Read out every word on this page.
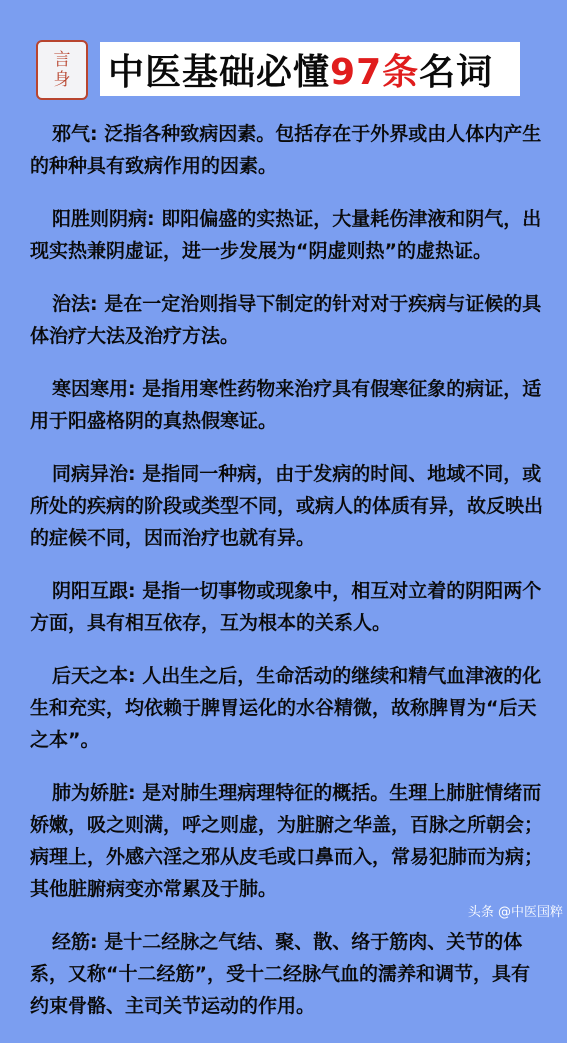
言
身 中医基础必懂97条名词
邪气: 泛指各种致病因素。包括存在于外界或由人体内产生的种种具有致病作用的因素。
阳胜则阴病: 即阳偏盛的实热证，大量耗伤津液和阴气，出现实热兼阴虚证，进一步发展为“阴虚则热”的虚热证。
治法: 是在一定治则指导下制定的针对对于疾病与证候的具体治疗大法及治疗方法。
寒因寒用: 是指用寒性药物来治疗具有假寒征象的病证，适用于阳盛格阴的真热假寒证。
同病异治: 是指同一种病，由于发病的时间、地域不同，或所处的疾病的阶段或类型不同，或病人的体质有异，故反映出的症候不同，因而治疗也就有异。
阴阳互跟: 是指一切事物或现象中，相互对立着的阴阳两个方面，具有相互依存，互为根本的关系人。
后天之本: 人出生之后，生命活动的继续和精气血津液的化生和充实，均依赖于脾胃运化的水谷精微，故称脾胃为“后天之本”。
肺为娇脏: 是对肺生理病理特征的概括。生理上肺脏情绪而娇嫩，吸之则满，呼之则虚，为脏腑之华盖，百脉之所朝会；病理上，外感六淫之邪从皮毛或口鼻而入，常易犯肺而为病；其他脏腑病变亦常累及于肺。
经筋: 是十二经脉之气结、聚、散、络于筋肉、关节的体系，又称“十二经筋”，受十二经脉气血的濡养和调节，具有约束骨骼、主司关节运动的作用。
头条 @中医国粹
